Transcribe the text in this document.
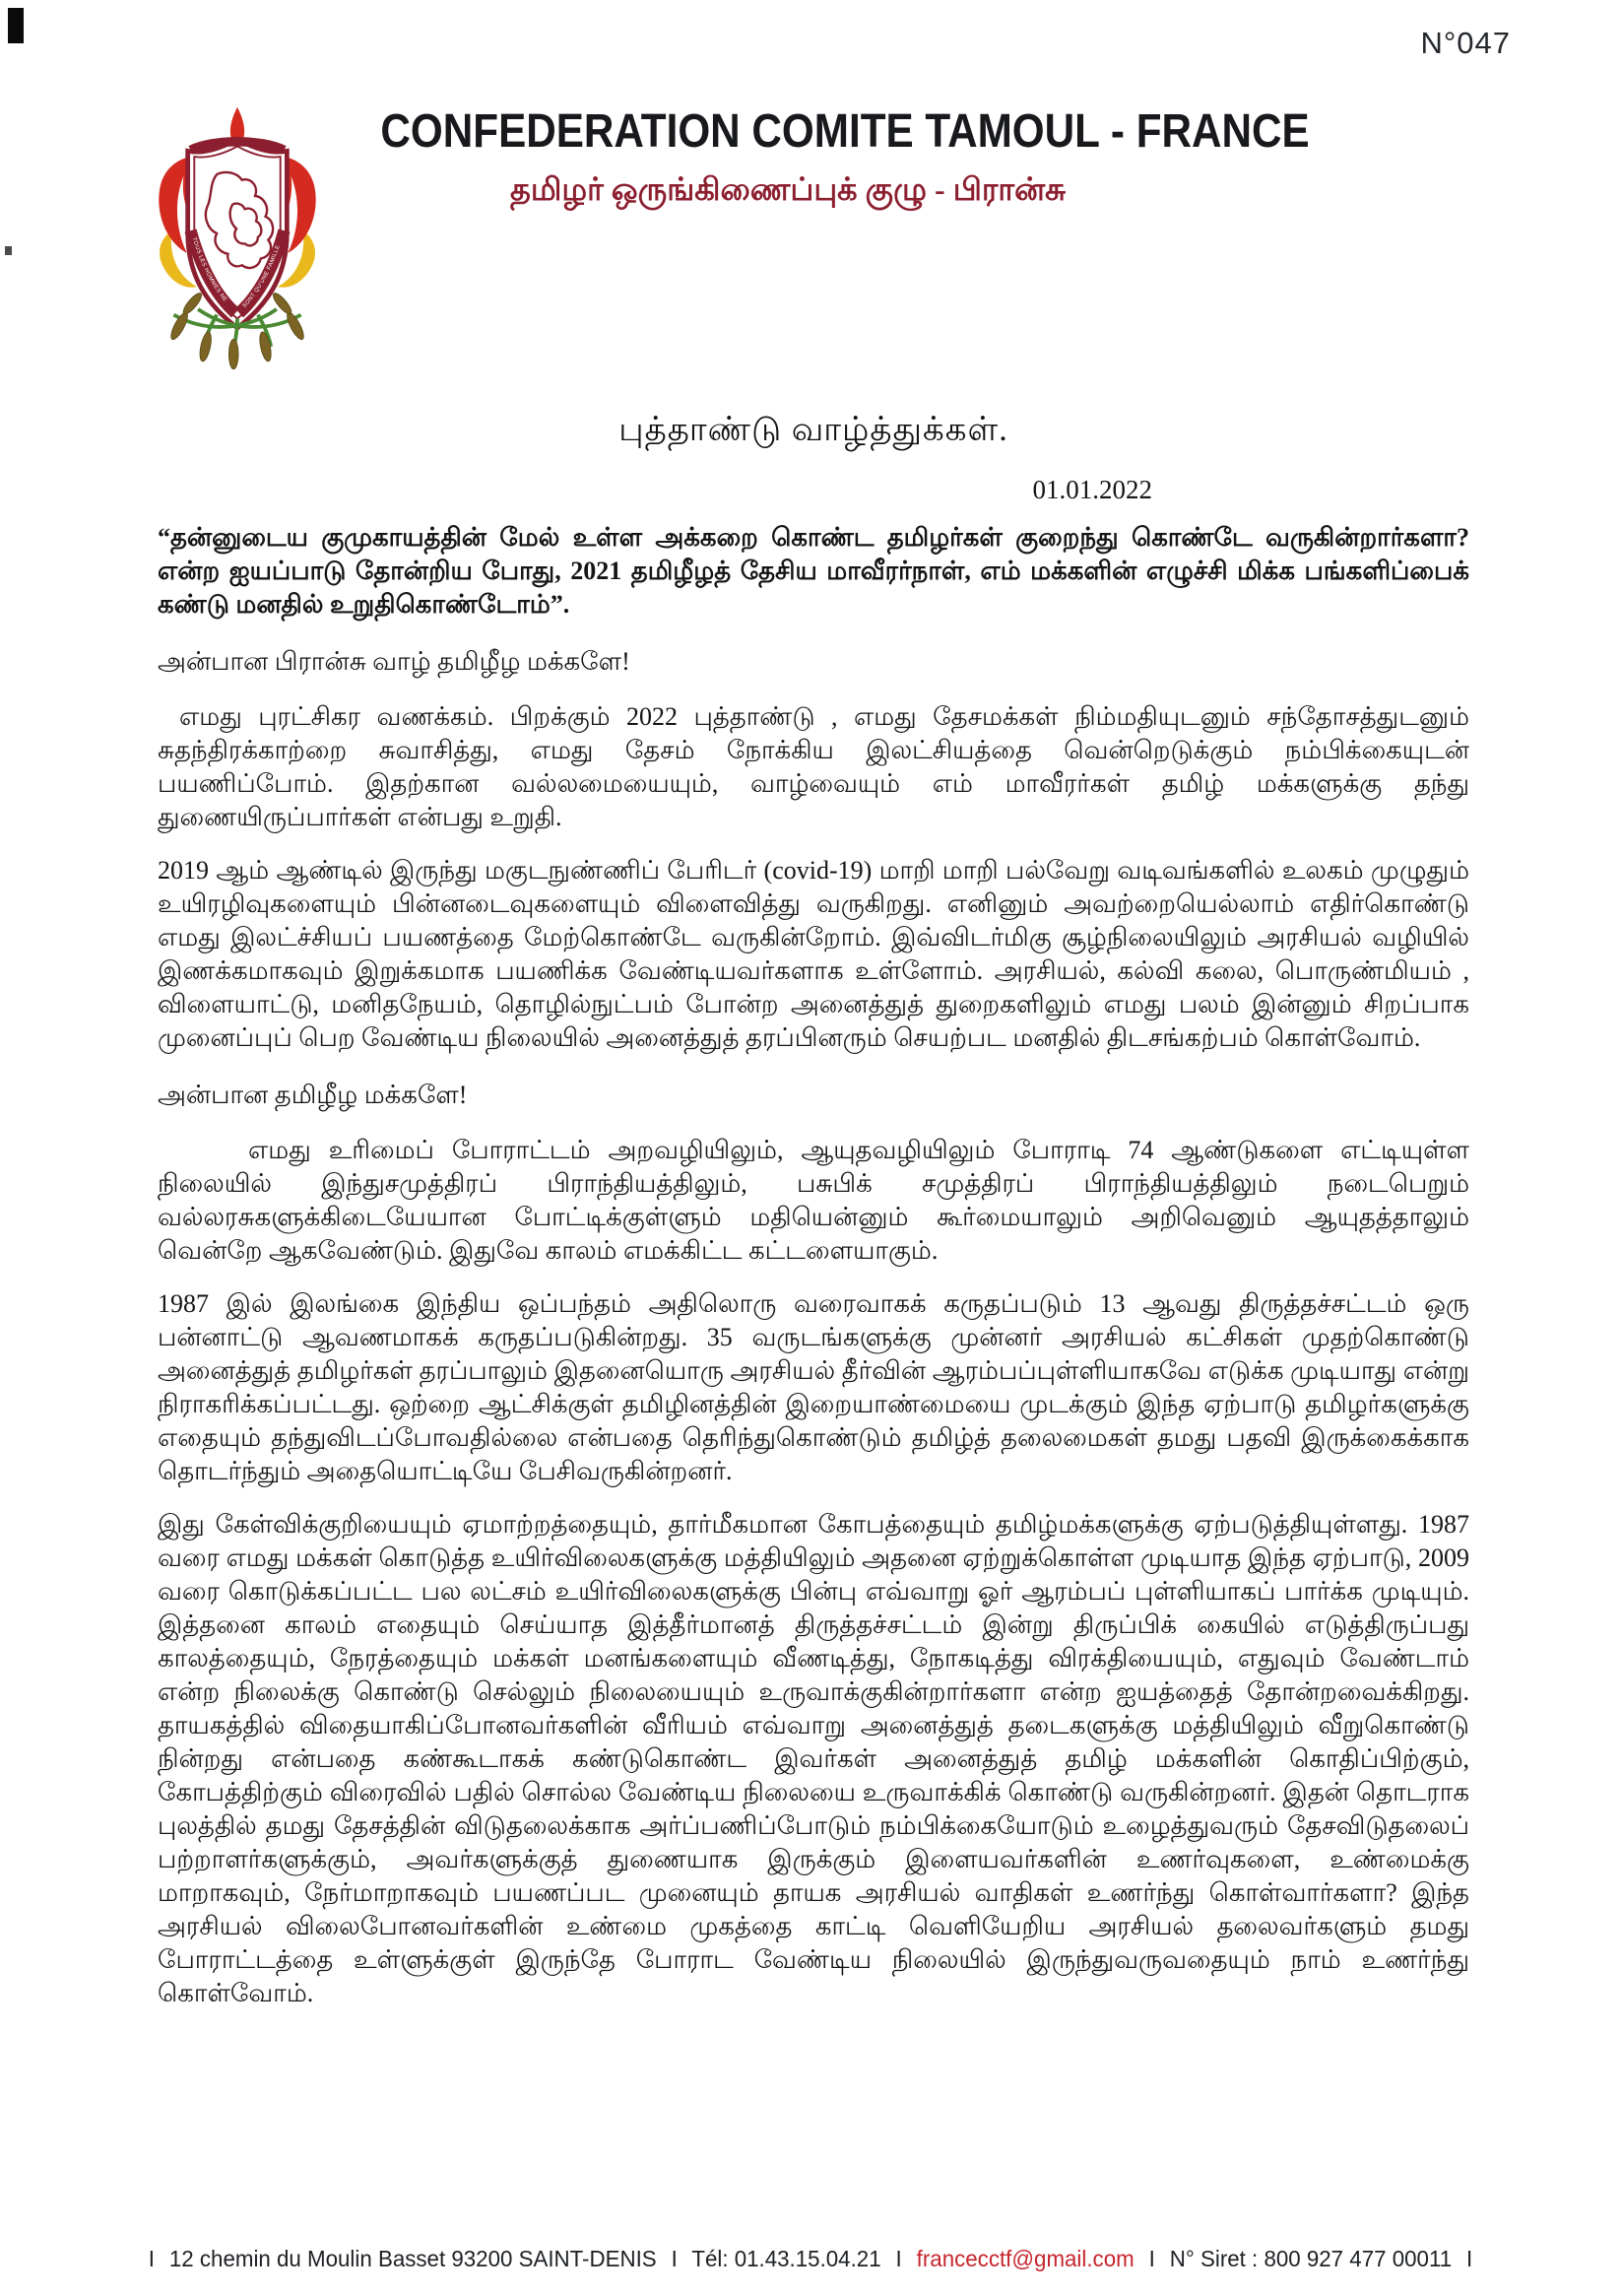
N°047
TOUS LES HOMMES NE
SONT QU'UNE FAMILLE
CONFEDERATION COMITE TAMOUL - FRANCE
தமிழர் ஒருங்கிணைப்புக் குழு - பிரான்சு
புத்தாண்டு வாழ்த்துக்கள்.
01.01.2022

“தன்னுடைய குமுகாயத்தின் மேல் உள்ள அக்கறை கொண்ட தமிழர்கள் குறைந்து கொண்டே வருகின்றார்களா? என்ற ஐயப்பாடு தோன்றிய போது, 2021 தமிழீழத் தேசிய மாவீரர்நாள், எம் மக்களின் எழுச்சி மிக்க பங்களிப்பைக் கண்டு மனதில் உறுதிகொண்டோம்”.

அன்பான பிரான்சு வாழ் தமிழீழ மக்களே!

எமது புரட்சிகர வணக்கம். பிறக்கும் 2022 புத்தாண்டு , எமது தேசமக்கள் நிம்மதியுடனும் சந்தோசத்துடனும் சுதந்திரக்காற்றை சுவாசித்து, எமது தேசம் நோக்கிய இலட்சியத்தை வென்றெடுக்கும் நம்பிக்கையுடன் பயணிப்போம். இதற்கான வல்லமையையும், வாழ்வையும் எம் மாவீரர்கள் தமிழ் மக்களுக்கு தந்து துணையிருப்பார்கள் என்பது உறுதி.

2019 ஆம் ஆண்டில் இருந்து மகுடநுண்ணிப் பேரிடர் (covid-19) மாறி மாறி பல்வேறு வடிவங்களில் உலகம் முழுதும் உயிரழிவுகளையும் பின்னடைவுகளையும் விளைவித்து வருகிறது. எனினும் அவற்றையெல்லாம் எதிர்கொண்டு எமது இலட்ச்சியப் பயணத்தை மேற்கொண்டே வருகின்றோம். இவ்விடர்மிகு சூழ்நிலையிலும் அரசியல் வழியில் இணக்கமாகவும் இறுக்கமாக பயணிக்க வேண்டியவர்களாக உள்ளோம். அரசியல், கல்வி கலை, பொருண்மியம் , விளையாட்டு, மனிதநேயம், தொழில்நுட்பம் போன்ற அனைத்துத் துறைகளிலும் எமது பலம் இன்னும் சிறப்பாக முனைப்புப் பெற வேண்டிய நிலையில் அனைத்துத் தரப்பினரும் செயற்பட மனதில் திடசங்கற்பம் கொள்வோம்.

அன்பான தமிழீழ மக்களே!

எமது உரிமைப் போராட்டம் அறவழியிலும், ஆயுதவழியிலும் போராடி 74 ஆண்டுகளை எட்டியுள்ள நிலையில் இந்துசமுத்திரப் பிராந்தியத்திலும், பசுபிக் சமுத்திரப் பிராந்தியத்திலும் நடைபெறும் வல்லரசுகளுக்கிடையேயான போட்டிக்குள்ளும் மதியென்னும் கூர்மையாலும் அறிவெனும் ஆயுதத்தாலும் வென்றே ஆகவேண்டும். இதுவே காலம் எமக்கிட்ட கட்டளையாகும்.

1987 இல் இலங்கை இந்திய ஒப்பந்தம் அதிலொரு வரைவாகக் கருதப்படும் 13 ஆவது திருத்தச்சட்டம் ஒரு பன்னாட்டு ஆவணமாகக் கருதப்படுகின்றது. 35 வருடங்களுக்கு முன்னர் அரசியல் கட்சிகள் முதற்கொண்டு அனைத்துத் தமிழர்கள் தரப்பாலும் இதனையொரு அரசியல் தீர்வின் ஆரம்பப்புள்ளியாகவே எடுக்க முடியாது என்று நிராகரிக்கப்பட்டது. ஒற்றை ஆட்சிக்குள் தமிழினத்தின் இறையாண்மையை முடக்கும் இந்த ஏற்பாடு தமிழர்களுக்கு எதையும் தந்துவிடப்போவதில்லை என்பதை தெரிந்துகொண்டும் தமிழ்த் தலைமைகள் தமது பதவி இருக்கைக்காக தொடர்ந்தும் அதையொட்டியே பேசிவருகின்றனர்.

இது கேள்விக்குறியையும் ஏமாற்றத்தையும், தார்மீகமான கோபத்தையும் தமிழ்மக்களுக்கு ஏற்படுத்தியுள்ளது. 1987 வரை எமது மக்கள் கொடுத்த உயிர்விலைகளுக்கு மத்தியிலும் அதனை ஏற்றுக்கொள்ள முடியாத இந்த ஏற்பாடு, 2009 வரை கொடுக்கப்பட்ட பல லட்சம் உயிர்விலைகளுக்கு பின்பு எவ்வாறு ஓர் ஆரம்பப் புள்ளியாகப் பார்க்க முடியும். இத்தனை காலம் எதையும் செய்யாத இத்தீர்மானத் திருத்தச்சட்டம் இன்று திருப்பிக் கையில் எடுத்திருப்பது காலத்தையும், நேரத்தையும் மக்கள் மனங்களையும் வீணடித்து, நோகடித்து விரக்தியையும், எதுவும் வேண்டாம் என்ற நிலைக்கு கொண்டு செல்லும் நிலையையும் உருவாக்குகின்றார்களா என்ற ஐயத்தைத் தோன்றவைக்கிறது. தாயகத்தில் விதையாகிப்போனவர்களின் வீரியம் எவ்வாறு அனைத்துத் தடைகளுக்கு மத்தியிலும் வீறுகொண்டு நின்றது என்பதை கண்கூடாகக் கண்டுகொண்ட இவர்கள் அனைத்துத் தமிழ் மக்களின் கொதிப்பிற்கும், கோபத்திற்கும் விரைவில் பதில் சொல்ல வேண்டிய நிலையை உருவாக்கிக் கொண்டு வருகின்றனர். இதன் தொடராக புலத்தில் தமது தேசத்தின் விடுதலைக்காக அர்ப்பணிப்போடும் நம்பிக்கையோடும் உழைத்துவரும் தேசவிடுதலைப் பற்றாளர்களுக்கும், அவர்களுக்குத் துணையாக இருக்கும் இளையவர்களின் உணர்வுகளை, உண்மைக்கு மாறாகவும், நேர்மாறாகவும் பயணப்பட முனையும் தாயக அரசியல் வாதிகள் உணர்ந்து கொள்வார்களா? இந்த அரசியல் விலைபோனவர்களின் உண்மை முகத்தை காட்டி வெளியேறிய அரசியல் தலைவர்களும் தமது போராட்டத்தை உள்ளுக்குள் இருந்தே போராட வேண்டிய நிலையில் இருந்துவருவதையும் நாம் உணர்ந்து கொள்வோம்.

I 12 chemin du Moulin Basset 93200 SAINT-DENIS I Tél: 01.43.15.04.21 I francecctf@gmail.com I N° Siret : 800 927 477 00011 I
